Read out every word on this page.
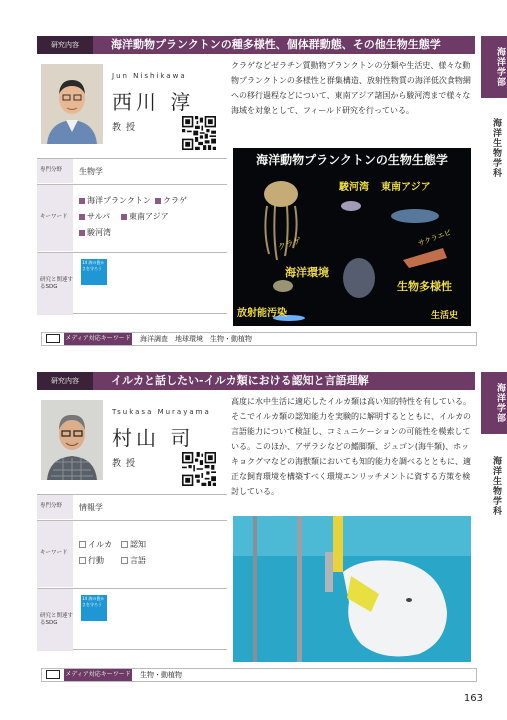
海洋学部
海洋生物学科
海洋学部
海洋生物学科
研究内容	海洋動物プランクトンの種多様性、個体群動態、その他生物生態学
Jun Nishikawa
西川 淳
教授
専門分野	生物学
キーワード
海洋プランクトン	クラゲ
サルパ	東南アジア
駿河湾
研究と関連するSDG
14 海の豊かさを守ろう
クラゲなどゼラチン質動物プランクトンの分類や生活史、様々な動物プランクトンの多様性と群集構造、放射性物質の海洋低次食物網への移行過程などについて、東南アジア諸国から駿河湾まで様々な海域を対象として、フィールド研究を行っている。
海洋動物プランクトンの生物生態学
駿河湾 東南アジア
クラゲ	サクラエビ
海洋環境
生物多様性
放射能汚染	生活史
メディア対応キーワード 海洋調査　地球環境　生物・動植物
研究内容	イルカと話したい-イルカ類における認知と言語理解
Tsukasa Murayama
村山 司
教授
専門分野	情報学
キーワード
イルカ	認知
行動	言語
研究と関連するSDG
14 海の豊かさを守ろう
高度に水中生活に適応したイルカ類は高い知的特性を有している。そこでイルカ類の認知能力を実験的に解明するとともに、イルカの言語能力について検証し、コミュニケーションの可能性を模索している。このほか、アザラシなどの鰭脚類、ジュゴン(海牛類)、ホッキョクグマなどの海獣類においても知的能力を調べるとともに、適正な飼育環境を構築すべく環境エンリッチメントに資する方策を検討している。
メディア対応キーワード 生物・動植物
163
